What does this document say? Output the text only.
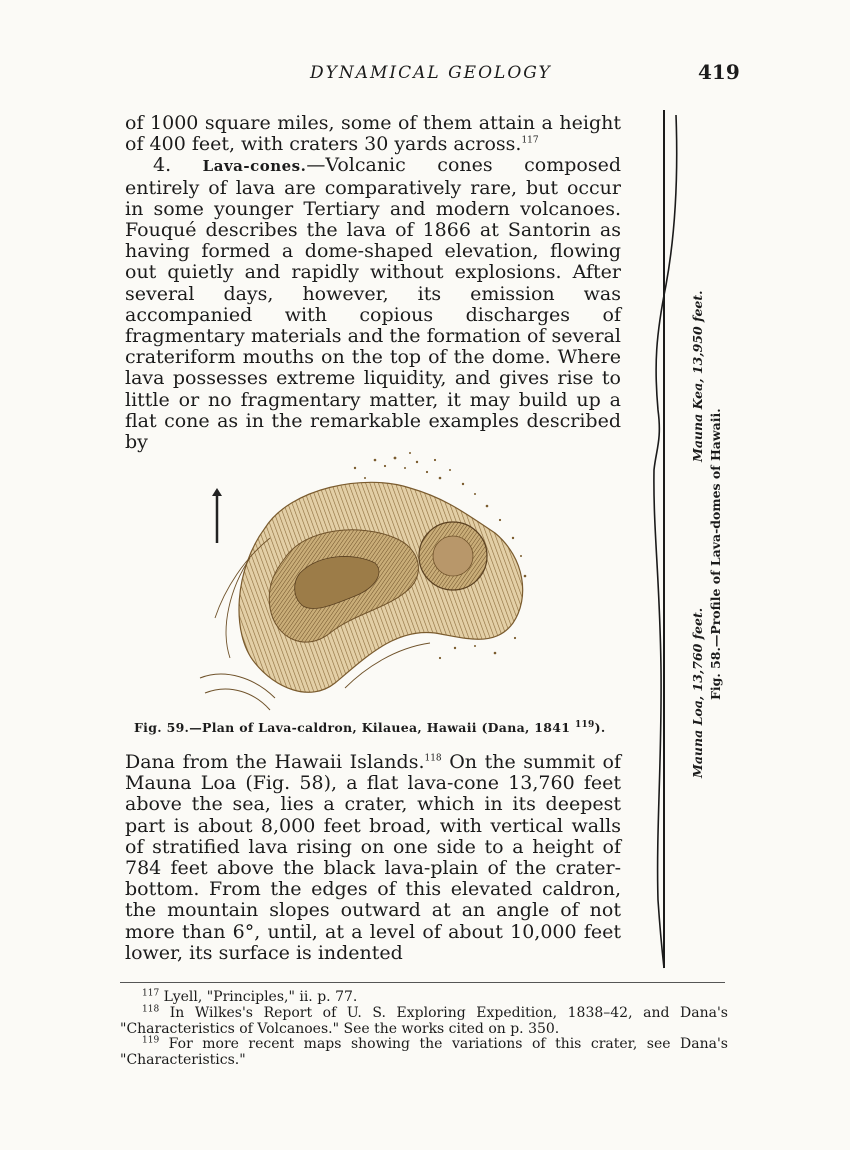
DYNAMICAL GEOLOGY	419

of 1000 square miles, some of them attain a height of 400 feet, with craters 30 yards across.$^{117}$

4. Lava-cones.—Volcanic cones composed entirely of lava are comparatively rare, but occur in some younger Tertiary and modern volcanoes. Fouqué describes the lava of 1866 at Santorin as having formed a dome-shaped elevation, flowing out quietly and rapidly without explosions. After several days, however, its emission was accompanied with copious discharges of fragmentary materials and the formation of several crateriform mouths on the top of the dome. Where lava possesses extreme liquidity, and gives rise to little or no fragmentary matter, it may build up a flat cone as in the remarkable examples described by

Fig. 59.—Plan of Lava-caldron, Kilauea, Hawaii (Dana, 1841 $^{119}$).

Dana from the Hawaii Islands.$^{118}$ On the summit of Mauna Loa (Fig. 58), a flat lava-cone 13,760 feet above the sea, lies a crater, which in its deepest part is about 8,000 feet broad, with vertical walls of stratified lava rising on one side to a height of 784 feet above the black lava-plain of the crater-bottom. From the edges of this elevated caldron, the mountain slopes outward at an angle of not more than 6°, until, at a level of about 10,000 feet lower, its surface is indented

Mauna Loa, 13,760 feet.
Mauna Kea, 13,950 feet.
Fig. 58.—Profile of Lava-domes of Hawaii.

$^{117}$ Lyell, "Principles," ii. p. 77.

$^{118}$ In Wilkes's Report of U. S. Exploring Expedition, 1838–42, and Dana's "Characteristics of Volcanoes." See the works cited on p. 350.

$^{119}$ For more recent maps showing the variations of this crater, see Dana's "Characteristics."
